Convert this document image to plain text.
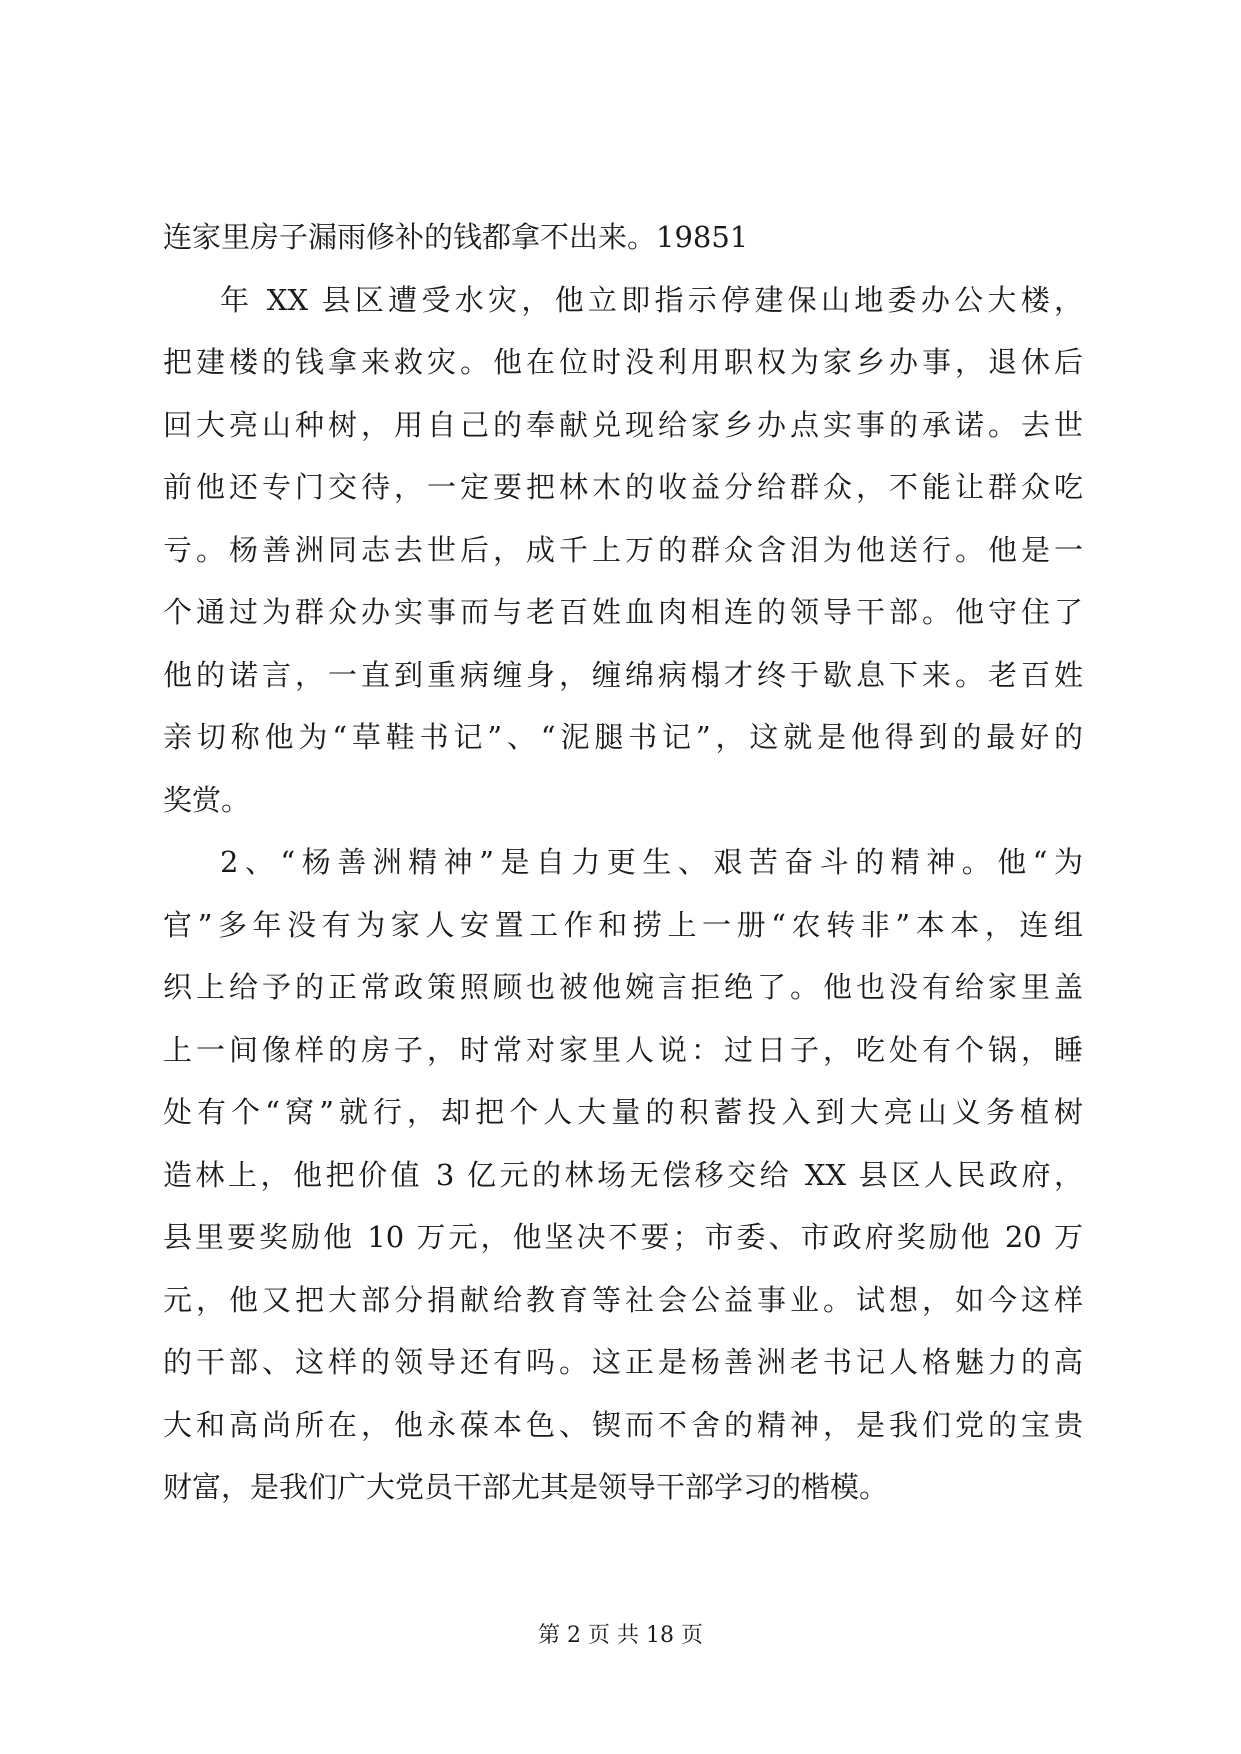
连家里房子漏雨修补的钱都拿不出来。19851
年 XX 县区遭受水灾，他立即指示停建保山地委办公大楼，
把建楼的钱拿来救灾。他在位时没利用职权为家乡办事，退休后
回大亮山种树，用自己的奉献兑现给家乡办点实事的承诺。去世
前他还专门交待，一定要把林木的收益分给群众，不能让群众吃
亏。杨善洲同志去世后，成千上万的群众含泪为他送行。他是一
个通过为群众办实事而与老百姓血肉相连的领导干部。他守住了
他的诺言，一直到重病缠身，缠绵病榻才终于歇息下来。老百姓
亲切称他为“草鞋书记”、“泥腿书记”，这就是他得到的最好的
奖赏。
2、“杨善洲精神”是自力更生、艰苦奋斗的精神。他“为
官”多年没有为家人安置工作和捞上一册“农转非”本本，连组
织上给予的正常政策照顾也被他婉言拒绝了。他也没有给家里盖
上一间像样的房子，时常对家里人说：过日子，吃处有个锅，睡
处有个“窝”就行，却把个人大量的积蓄投入到大亮山义务植树
造林上，他把价值 3 亿元的林场无偿移交给 XX 县区人民政府，
县里要奖励他 10 万元，他坚决不要；市委、市政府奖励他 20 万
元，他又把大部分捐献给教育等社会公益事业。试想，如今这样
的干部、这样的领导还有吗。这正是杨善洲老书记人格魅力的高
大和高尚所在，他永葆本色、锲而不舍的精神，是我们党的宝贵
财富，是我们广大党员干部尤其是领导干部学习的楷模。
第 2 页 共 18 页
